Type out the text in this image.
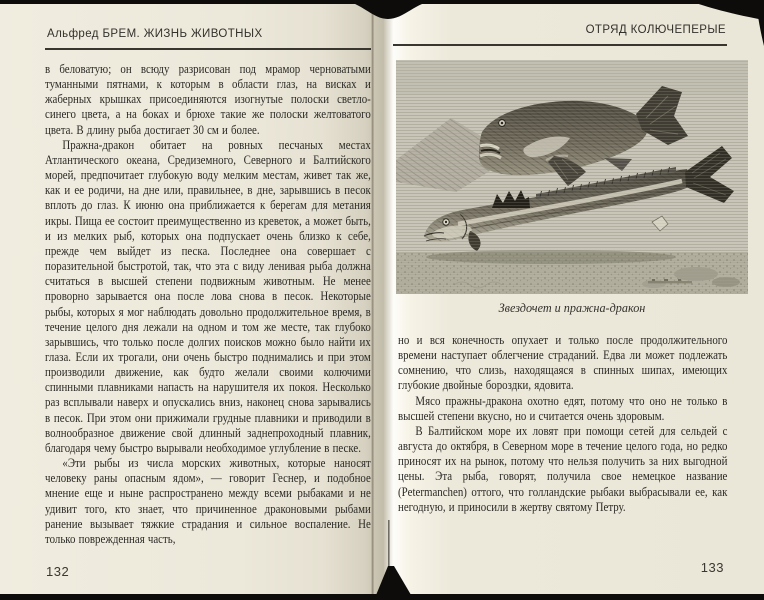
Альфред БРЕМ. ЖИЗНЬ ЖИВОТНЫХ

в беловатую; он всюду разрисован под мрамор черноватыми туманными пятнами, к которым в области глаз, на висках и жаберных крышках присоединяются изогнутые полоски светло-синего цвета, а на боках и брюхе такие же полоски желтоватого цвета. В длину рыба достигает 30 см и более.

Пражна-дракон обитает на ровных песчаных местах Атлантического океана, Средиземного, Северного и Балтийского морей, предпочитает глубокую воду мелким местам, живет так же, как и ее родичи, на дне или, правильнее, в дне, зарывшись в песок вплоть до глаз. К июню она приближается к берегам для метания икры. Пища ее состоит преимущественно из креветок, а может быть, и из мелких рыб, которых она подпускает очень близко к себе, прежде чем выйдет из песка. Последнее она совершает с поразительной быстротой, так, что эта с виду ленивая рыба должна считаться в высшей степени подвижным животным. Не менее проворно зарывается она после лова снова в песок. Некоторые рыбы, которых я мог наблюдать довольно продолжительное время, в течение целого дня лежали на одном и том же месте, так глубоко зарывшись, что только после долгих поисков можно было найти их глаза. Если их трогали, они очень быстро поднимались и при этом производили движение, как будто желали своими колючими спинными плавниками напасть на нарушителя их покоя. Несколько раз всплывали наверх и опускались вниз, наконец снова зарывались в песок. При этом они прижимали грудные плавники и приводили в волнообразное движение свой длинный заднепроходный плавник, благодаря чему быстро вырывали необходимое углубление в песке.

«Эти рыбы из числа морских животных, которые наносят человеку раны опасным ядом», — говорит Геснер, и подобное мнение еще и ныне распространено между всеми рыбаками и не удивит того, кто знает, что причиненное драконовыми рыбами ранение вызывает тяжкие страдания и сильное воспаление. Не только поврежденная часть,

132
ОТРЯД КОЛЮЧЕПЕРЫЕ
Звездочет и пражна-дракон

но и вся конечность опухает и только после продолжительного времени наступает облегчение страданий. Едва ли может подлежать сомнению, что слизь, находящаяся в спинных шипах, имеющих глубокие двойные бороздки, ядовита.

Мясо пражны-дракона охотно едят, потому что оно не только в высшей степени вкусно, но и считается очень здоровым.

В Балтийском море их ловят при помощи сетей для сельдей с августа до октября, в Северном море в течение целого года, но редко приносят их на рынок, потому что нельзя получить за них выгодной цены. Эта рыба, говорят, получила свое немецкое название (Petermanchen) оттого, что голландские рыбаки выбрасывали ее, как негодную, и приносили в жертву святому Петру.

133
